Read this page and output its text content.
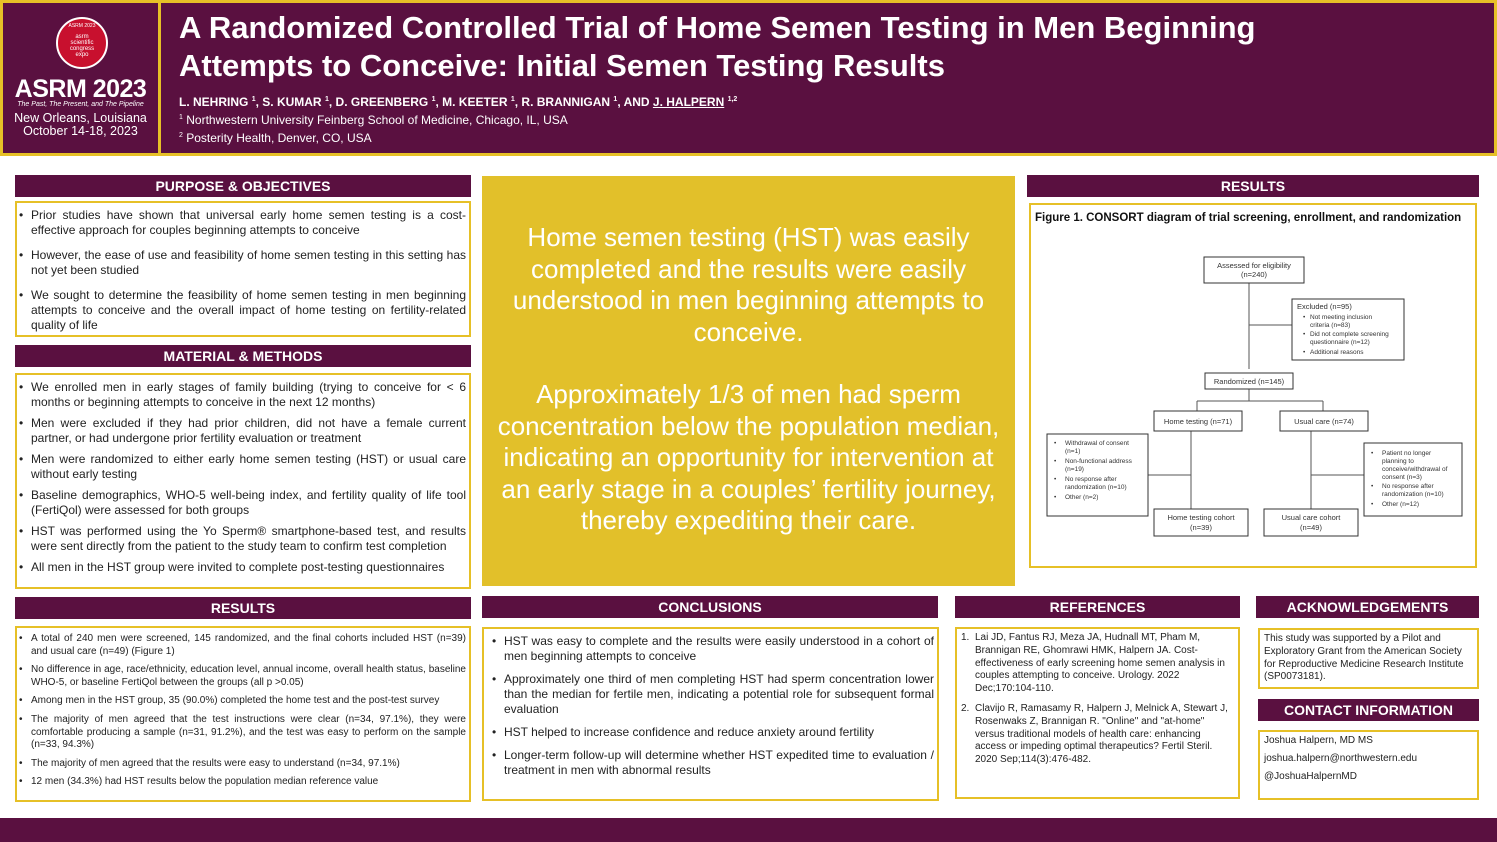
ASRM 2023
asrm
scientific
congress
expo
ASRM 2023
The Past, The Present, and The Pipeline
New Orleans, Louisiana
October 14-18, 2023
A Randomized Controlled Trial of Home Semen Testing in Men Beginning
Attempts to Conceive: Initial Semen Testing Results
L. NEHRING $^1$, S. KUMAR $^1$, D. GREENBERG $^1$, M. KEETER $^1$, R. BRANNIGAN $^1$, AND J. HALPERN $^{1,2}$
$^1$ Northwestern University Feinberg School of Medicine, Chicago, IL, USA
$^2$ Posterity Health, Denver, CO, USA
PURPOSE & OBJECTIVES
• Prior studies have shown that universal early home semen testing is a cost-effective approach for couples beginning attempts to conceive
• However, the ease of use and feasibility of home semen testing in this setting has not yet been studied
• We sought to determine the feasibility of home semen testing in men beginning attempts to conceive and the overall impact of home testing on fertility-related quality of life
MATERIAL & METHODS
• We enrolled men in early stages of family building (trying to conceive for < 6 months or beginning attempts to conceive in the next 12 months)
• Men were excluded if they had prior children, did not have a female current partner, or had undergone prior fertility evaluation or treatment
• Men were randomized to either early home semen testing (HST) or usual care without early testing
• Baseline demographics, WHO-5 well-being index, and fertility quality of life tool (FertiQol) were assessed for both groups
• HST was performed using the Yo Sperm® smartphone-based test, and results were sent directly from the patient to the study team to confirm test completion
• All men in the HST group were invited to complete post-testing questionnaires
RESULTS
• A total of 240 men were screened, 145 randomized, and the final cohorts included HST (n=39) and usual care (n=49) (Figure 1)
• No difference in age, race/ethnicity, education level, annual income, overall health status, baseline WHO-5, or baseline FertiQol between the groups (all p >0.05)
• Among men in the HST group, 35 (90.0%) completed the home test and the post-test survey
• The majority of men agreed that the test instructions were clear (n=34, 97.1%), they were comfortable producing a sample (n=31, 91.2%), and the test was easy to perform on the sample (n=33, 94.3%)
• The majority of men agreed that the results were easy to understand (n=34, 97.1%)
• 12 men (34.3%) had HST results below the population median reference value

Home semen testing (HST) was easily completed and the results were easily understood in men beginning attempts to conceive.

Approximately 1/3 of men had sperm concentration below the population median, indicating an opportunity for intervention at an early stage in a couples’ fertility journey, thereby expediting their care.

CONCLUSIONS
• HST was easy to complete and the results were easily understood in a cohort of men beginning attempts to conceive
• Approximately one third of men completing HST had sperm concentration lower than the median for fertile men, indicating a potential role for subsequent formal evaluation
• HST helped to increase confidence and reduce anxiety around fertility
• Longer-term follow-up will determine whether HST expedited time to evaluation / treatment in men with abnormal results
RESULTS
Figure 1. CONSORT diagram of trial screening, enrollment, and randomization
Assessed for eligibility
(n=240)
Randomized (n=145)
Home testing (n=71)	Usual care (n=74)
Home testing cohort
(n=39)
Usual care cohort
(n=49)
Excluded (n=95)
• Not meeting inclusion
criteria (n=83)
• Did not complete screening
questionnaire (n=12)
• Additional reasons
• Withdrawal of consent
(n=1)
• Non-functional address
(n=19)
• No response after
randomization (n=10)
• Other (n=2)
• Patient no longer
planning to
conceive/withdrawal of
consent (n=3)
• No response after
randomization (n=10)
• Other (n=12)
REFERENCES
1. Lai JD, Fantus RJ, Meza JA, Hudnall MT, Pham M, Brannigan RE, Ghomrawi HMK, Halpern JA. Cost-effectiveness of early screening home semen analysis in couples attempting to conceive. Urology. 2022 Dec;170:104-110.
2. Clavijo R, Ramasamy R, Halpern J, Melnick A, Stewart J, Rosenwaks Z, Brannigan R. "Online" and "at-home" versus traditional models of health care: enhancing access or impeding optimal therapeutics? Fertil Steril. 2020 Sep;114(3):476-482.
ACKNOWLEDGEMENTS
This study was supported by a Pilot and Exploratory Grant from the American Society for Reproductive Medicine Research Institute (SP0073181).
CONTACT INFORMATION

Joshua Halpern, MD MS

joshua.halpern@northwestern.edu

@JoshuaHalpernMD
